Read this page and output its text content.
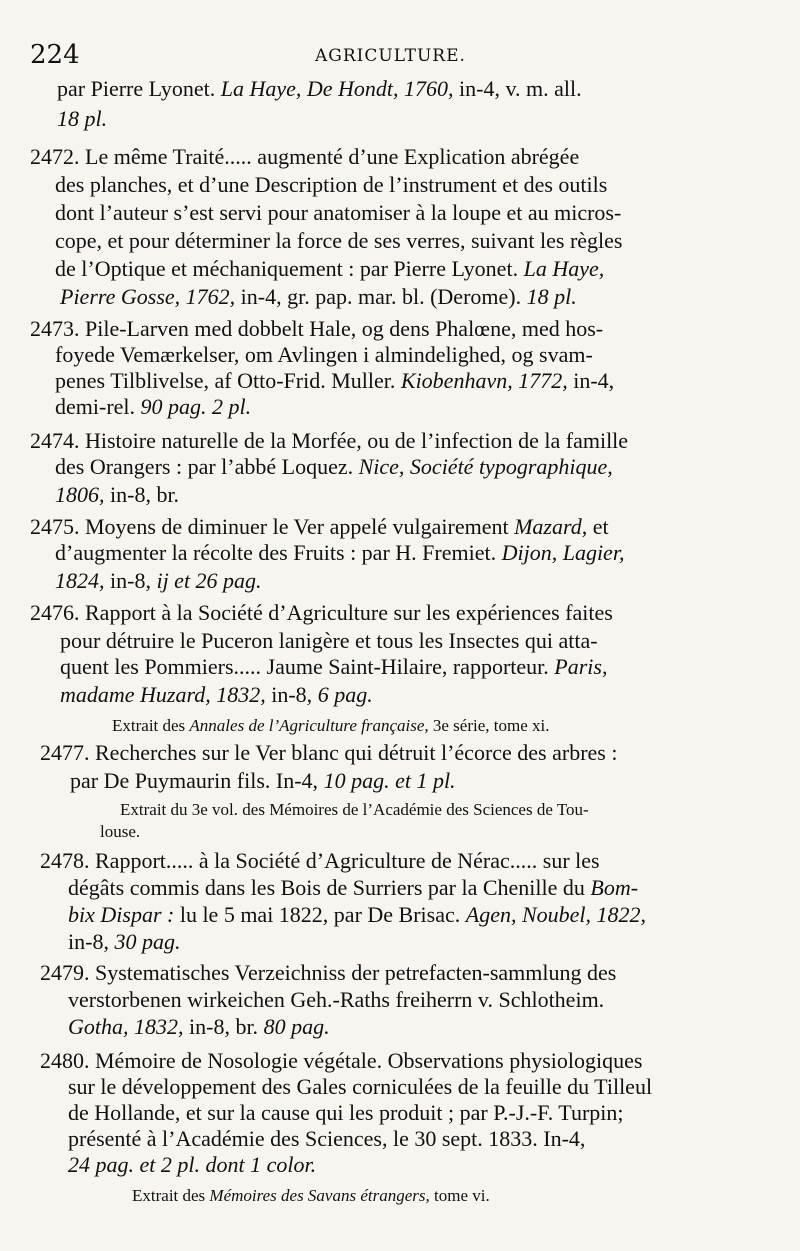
224	AGRICULTURE.
par Pierre Lyonet. La Haye, De Hondt, 1760, in-4, v. m. all.
18 pl.
2472. Le même Traité..... augmenté d’une Explication abrégée
des planches, et d’une Description de l’instrument et des outils
dont l’auteur s’est servi pour anatomiser à la loupe et au micros-
cope, et pour déterminer la force de ses verres, suivant les règles
de l’Optique et méchaniquement : par Pierre Lyonet. La Haye,
Pierre Gosse, 1762, in-4, gr. pap. mar. bl. (Derome). 18 pl.
2473. Pile-Larven med dobbelt Hale, og dens Phalœne, med hos-
foyede Vemærkelser, om Avlingen i almindelighed, og svam-
penes Tilblivelse, af Otto-Frid. Muller. Kiobenhavn, 1772, in-4,
demi-rel. 90 pag. 2 pl.
2474. Histoire naturelle de la Morfée, ou de l’infection de la famille
des Orangers : par l’abbé Loquez. Nice, Société typographique,
1806, in-8, br.
2475. Moyens de diminuer le Ver appelé vulgairement Mazard, et
d’augmenter la récolte des Fruits : par H. Fremiet. Dijon, Lagier,
1824, in-8, ij et 26 pag.
2476. Rapport à la Société d’Agriculture sur les expériences faites
pour détruire le Puceron lanigère et tous les Insectes qui atta-
quent les Pommiers..... Jaume Saint-Hilaire, rapporteur. Paris,
madame Huzard, 1832, in-8, 6 pag.
Extrait des Annales de l’Agriculture française, 3e série, tome xi.
2477. Recherches sur le Ver blanc qui détruit l’écorce des arbres :
par De Puymaurin fils. In-4, 10 pag. et 1 pl.
Extrait du 3e vol. des Mémoires de l’Académie des Sciences de Tou-
louse.
2478. Rapport..... à la Société d’Agriculture de Nérac..... sur les
dégâts commis dans les Bois de Surriers par la Chenille du Bom-
bix Dispar : lu le 5 mai 1822, par De Brisac. Agen, Noubel, 1822,
in-8, 30 pag.
2479. Systematisches Verzeichniss der petrefacten-sammlung des
verstorbenen wirkeichen Geh.-Raths freiherrn v. Schlotheim.
Gotha, 1832, in-8, br. 80 pag.
2480. Mémoire de Nosologie végétale. Observations physiologiques
sur le développement des Gales corniculées de la feuille du Tilleul
de Hollande, et sur la cause qui les produit ; par P.-J.-F. Turpin;
présenté à l’Académie des Sciences, le 30 sept. 1833. In-4,
24 pag. et 2 pl. dont 1 color.
Extrait des Mémoires des Savans étrangers, tome vi.
